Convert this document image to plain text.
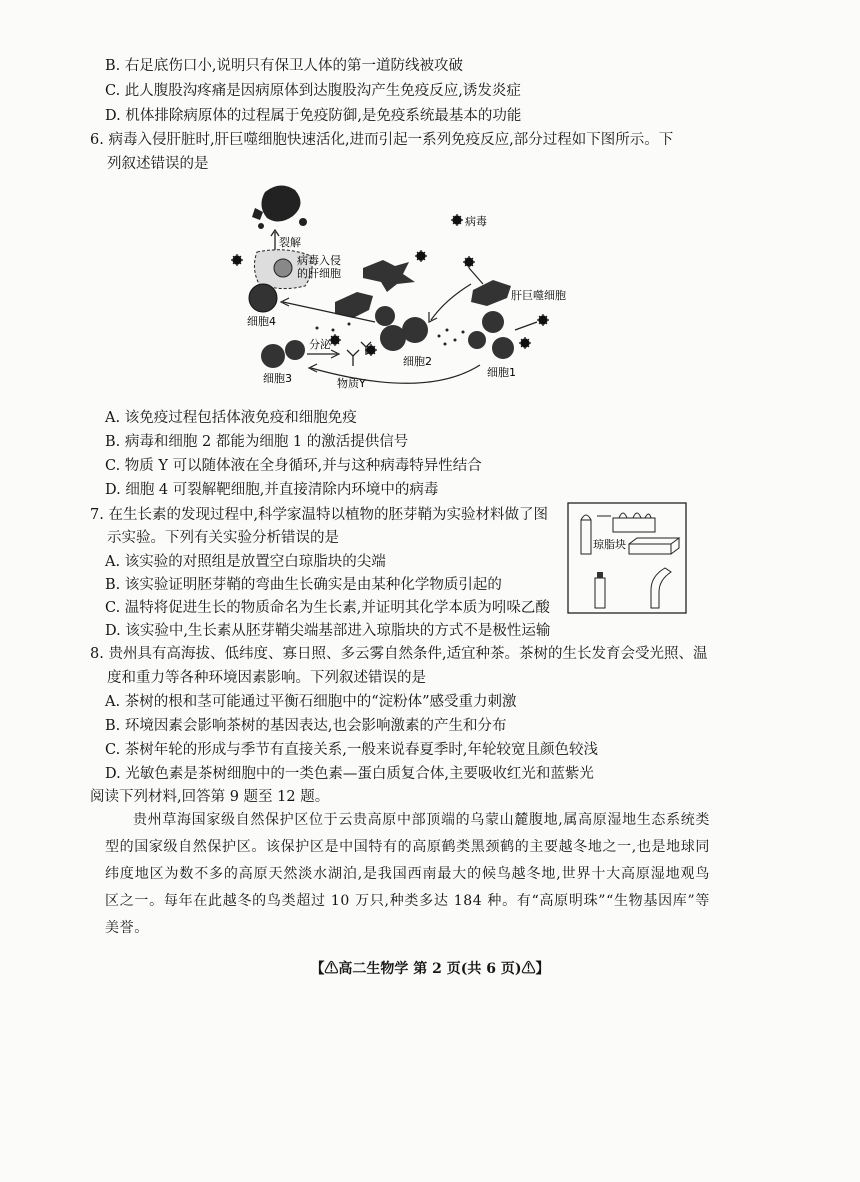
B. 右足底伤口小,说明只有保卫人体的第一道防线被攻破
C. 此人腹股沟疼痛是因病原体到达腹股沟产生免疫反应,诱发炎症
D. 机体排除病原体的过程属于免疫防御,是免疫系统最基本的功能
6. 病毒入侵肝脏时,肝巨噬细胞快速活化,进而引起一系列免疫反应,部分过程如下图所示。下
列叙述错误的是
裂解
病毒入侵
的肝细胞
病毒
肝巨噬细胞
细胞4
细胞3
细胞2
细胞1
分泌
物质Y
A. 该免疫过程包括体液免疫和细胞免疫
B. 病毒和细胞 2 都能为细胞 1 的激活提供信号
C. 物质 Y 可以随体液在全身循环,并与这种病毒特异性结合
D. 细胞 4 可裂解靶细胞,并直接清除内环境中的病毒
7. 在生长素的发现过程中,科学家温特以植物的胚芽鞘为实验材料做了图
示实验。下列有关实验分析错误的是
A. 该实验的对照组是放置空白琼脂块的尖端
B. 该实验证明胚芽鞘的弯曲生长确实是由某种化学物质引起的
C. 温特将促进生长的物质命名为生长素,并证明其化学本质为吲哚乙酸
D. 该实验中,生长素从胚芽鞘尖端基部进入琼脂块的方式不是极性运输
琼脂块
8. 贵州具有高海拔、低纬度、寡日照、多云雾自然条件,适宜种茶。茶树的生长发育会受光照、温
度和重力等各种环境因素影响。下列叙述错误的是
A. 茶树的根和茎可能通过平衡石细胞中的“淀粉体”感受重力刺激
B. 环境因素会影响茶树的基因表达,也会影响激素的产生和分布
C. 茶树年轮的形成与季节有直接关系,一般来说春夏季时,年轮较宽且颜色较浅
D. 光敏色素是茶树细胞中的一类色素—蛋白质复合体,主要吸收红光和蓝紫光
阅读下列材料,回答第 9 题至 12 题。
贵州草海国家级自然保护区位于云贵高原中部顶端的乌蒙山麓腹地,属高原湿地生态系统类型的国家级自然保护区。该保护区是中国特有的高原鹤类黑颈鹤的主要越冬地之一,也是地球同纬度地区为数不多的高原天然淡水湖泊,是我国西南最大的候鸟越冬地,世界十大高原湿地观鸟区之一。每年在此越冬的鸟类超过 10 万只,种类多达 184 种。有“高原明珠”“生物基因库”等美誉。
【⚠高二生物学 第 2 页(共 6 页)⚠】
